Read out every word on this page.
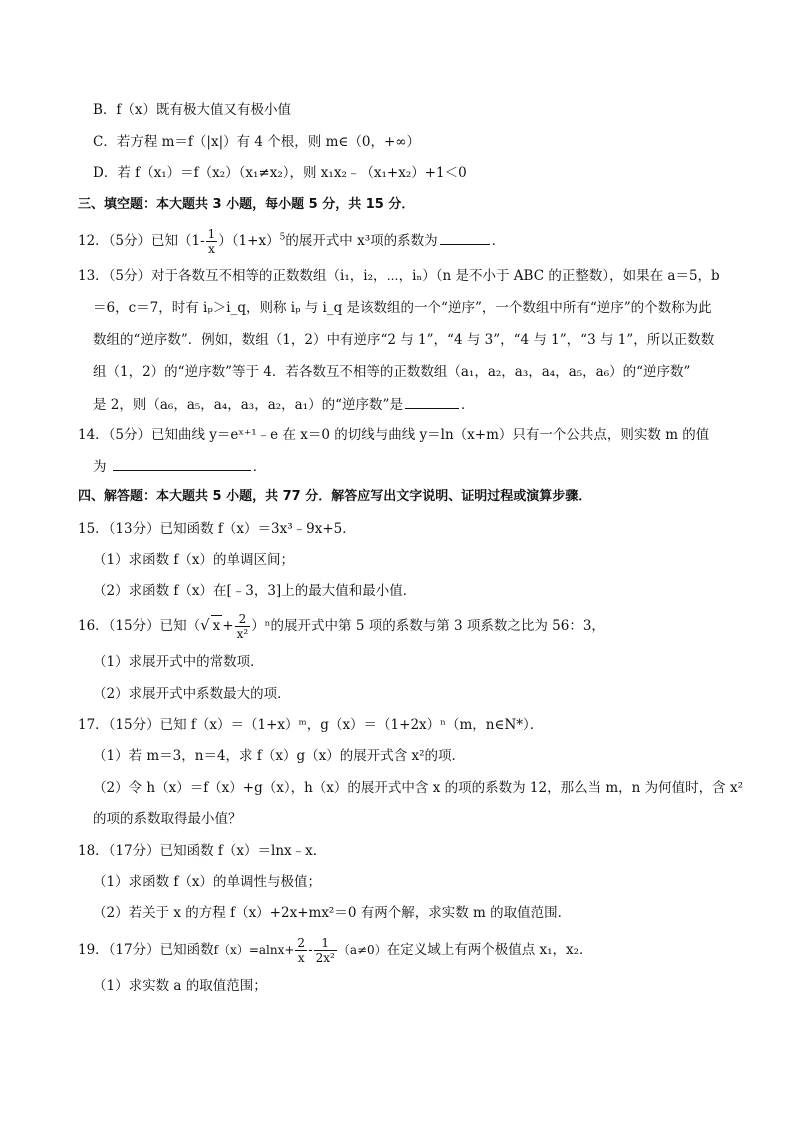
B．f（x）既有极大值又有极小值
C．若方程 m＝f（|x|）有 4 个根，则 m∈（0，+∞）
D．若 f（x₁）＝f（x₂）（x₁≠x₂），则 x₁x₂﹣（x₁+x₂）+1＜0
三、填空题：本大题共 3 小题，每小题 5 分，共 15 分．
12．（5分）已知$(1- \frac{1}{x} )(1+x)^5$的展开式中 x³项的系数为	．
13．（5分）对于各数互不相等的正数数组（i₁，i₂，⋯，iₙ）（n 是不小于 ABC 的正整数），如果在 a＝5，b
＝6，c＝7，时有 iₚ＞i_q，则称 iₚ 与 i_q 是该数组的一个“逆序”，一个数组中所有“逆序”的个数称为此
数组的“逆序数”．例如，数组（1，2）中有逆序“2 与 1”，“4 与 3”，“4 与 1”，“3 与 1”，所以正数数
组（1，2）的“逆序数”等于 4．若各数互不相等的正数数组（a₁，a₂，a₃，a₄，a₅，a₆）的“逆序数”
是 2，则（a₆，a₅，a₄，a₃，a₂，a₁）的“逆序数”是	．
14．（5分）已知曲线 y＝eˣ⁺¹﹣e 在 x＝0 的切线与曲线 y＝ln（x+m）只有一个公共点，则实数 m 的值
为	．
四、解答题：本大题共 5 小题，共 77 分．解答应写出文字说明、证明过程或演算步骤．
15．（13分）已知函数 f（x）＝3x³﹣9x+5．
（1）求函数 f（x）的单调区间；
（2）求函数 f（x）在[﹣3，3]上的最大值和最小值．
16．（15分）已知（√ $x + \frac{2}{\text{x²}} )^n$的展开式中第 5 项的系数与第 3 项系数之比为 56：3，
（1）求展开式中的常数项．
（2）求展开式中系数最大的项．
17．（15分）已知 f（x）＝（1+x）ᵐ，g（x）＝（1+2x）ⁿ（m，n∈N*）．
（1）若 m＝3，n＝4，求 f（x）g（x）的展开式含 x²的项．
（2）令 h（x）＝f（x）+g（x），h（x）的展开式中含 x 的项的系数为 12，那么当 m，n 为何值时，含 x²
的项的系数取得最小值？
18．（17分）已知函数 f（x）＝lnx﹣x．
（1）求函数 f（x）的单调性与极值；
（2）若关于 x 的方程 f（x）+2x+mx²＝0 有两个解，求实数 m 的取值范围．
19．（17分）已知函数$f(x)=alnx+ \frac{2}{x} - \frac{1}{\text{2x²}} (a\ne 0)$在定义域上有两个极值点 x₁，x₂．
（1）求实数 a 的取值范围；
